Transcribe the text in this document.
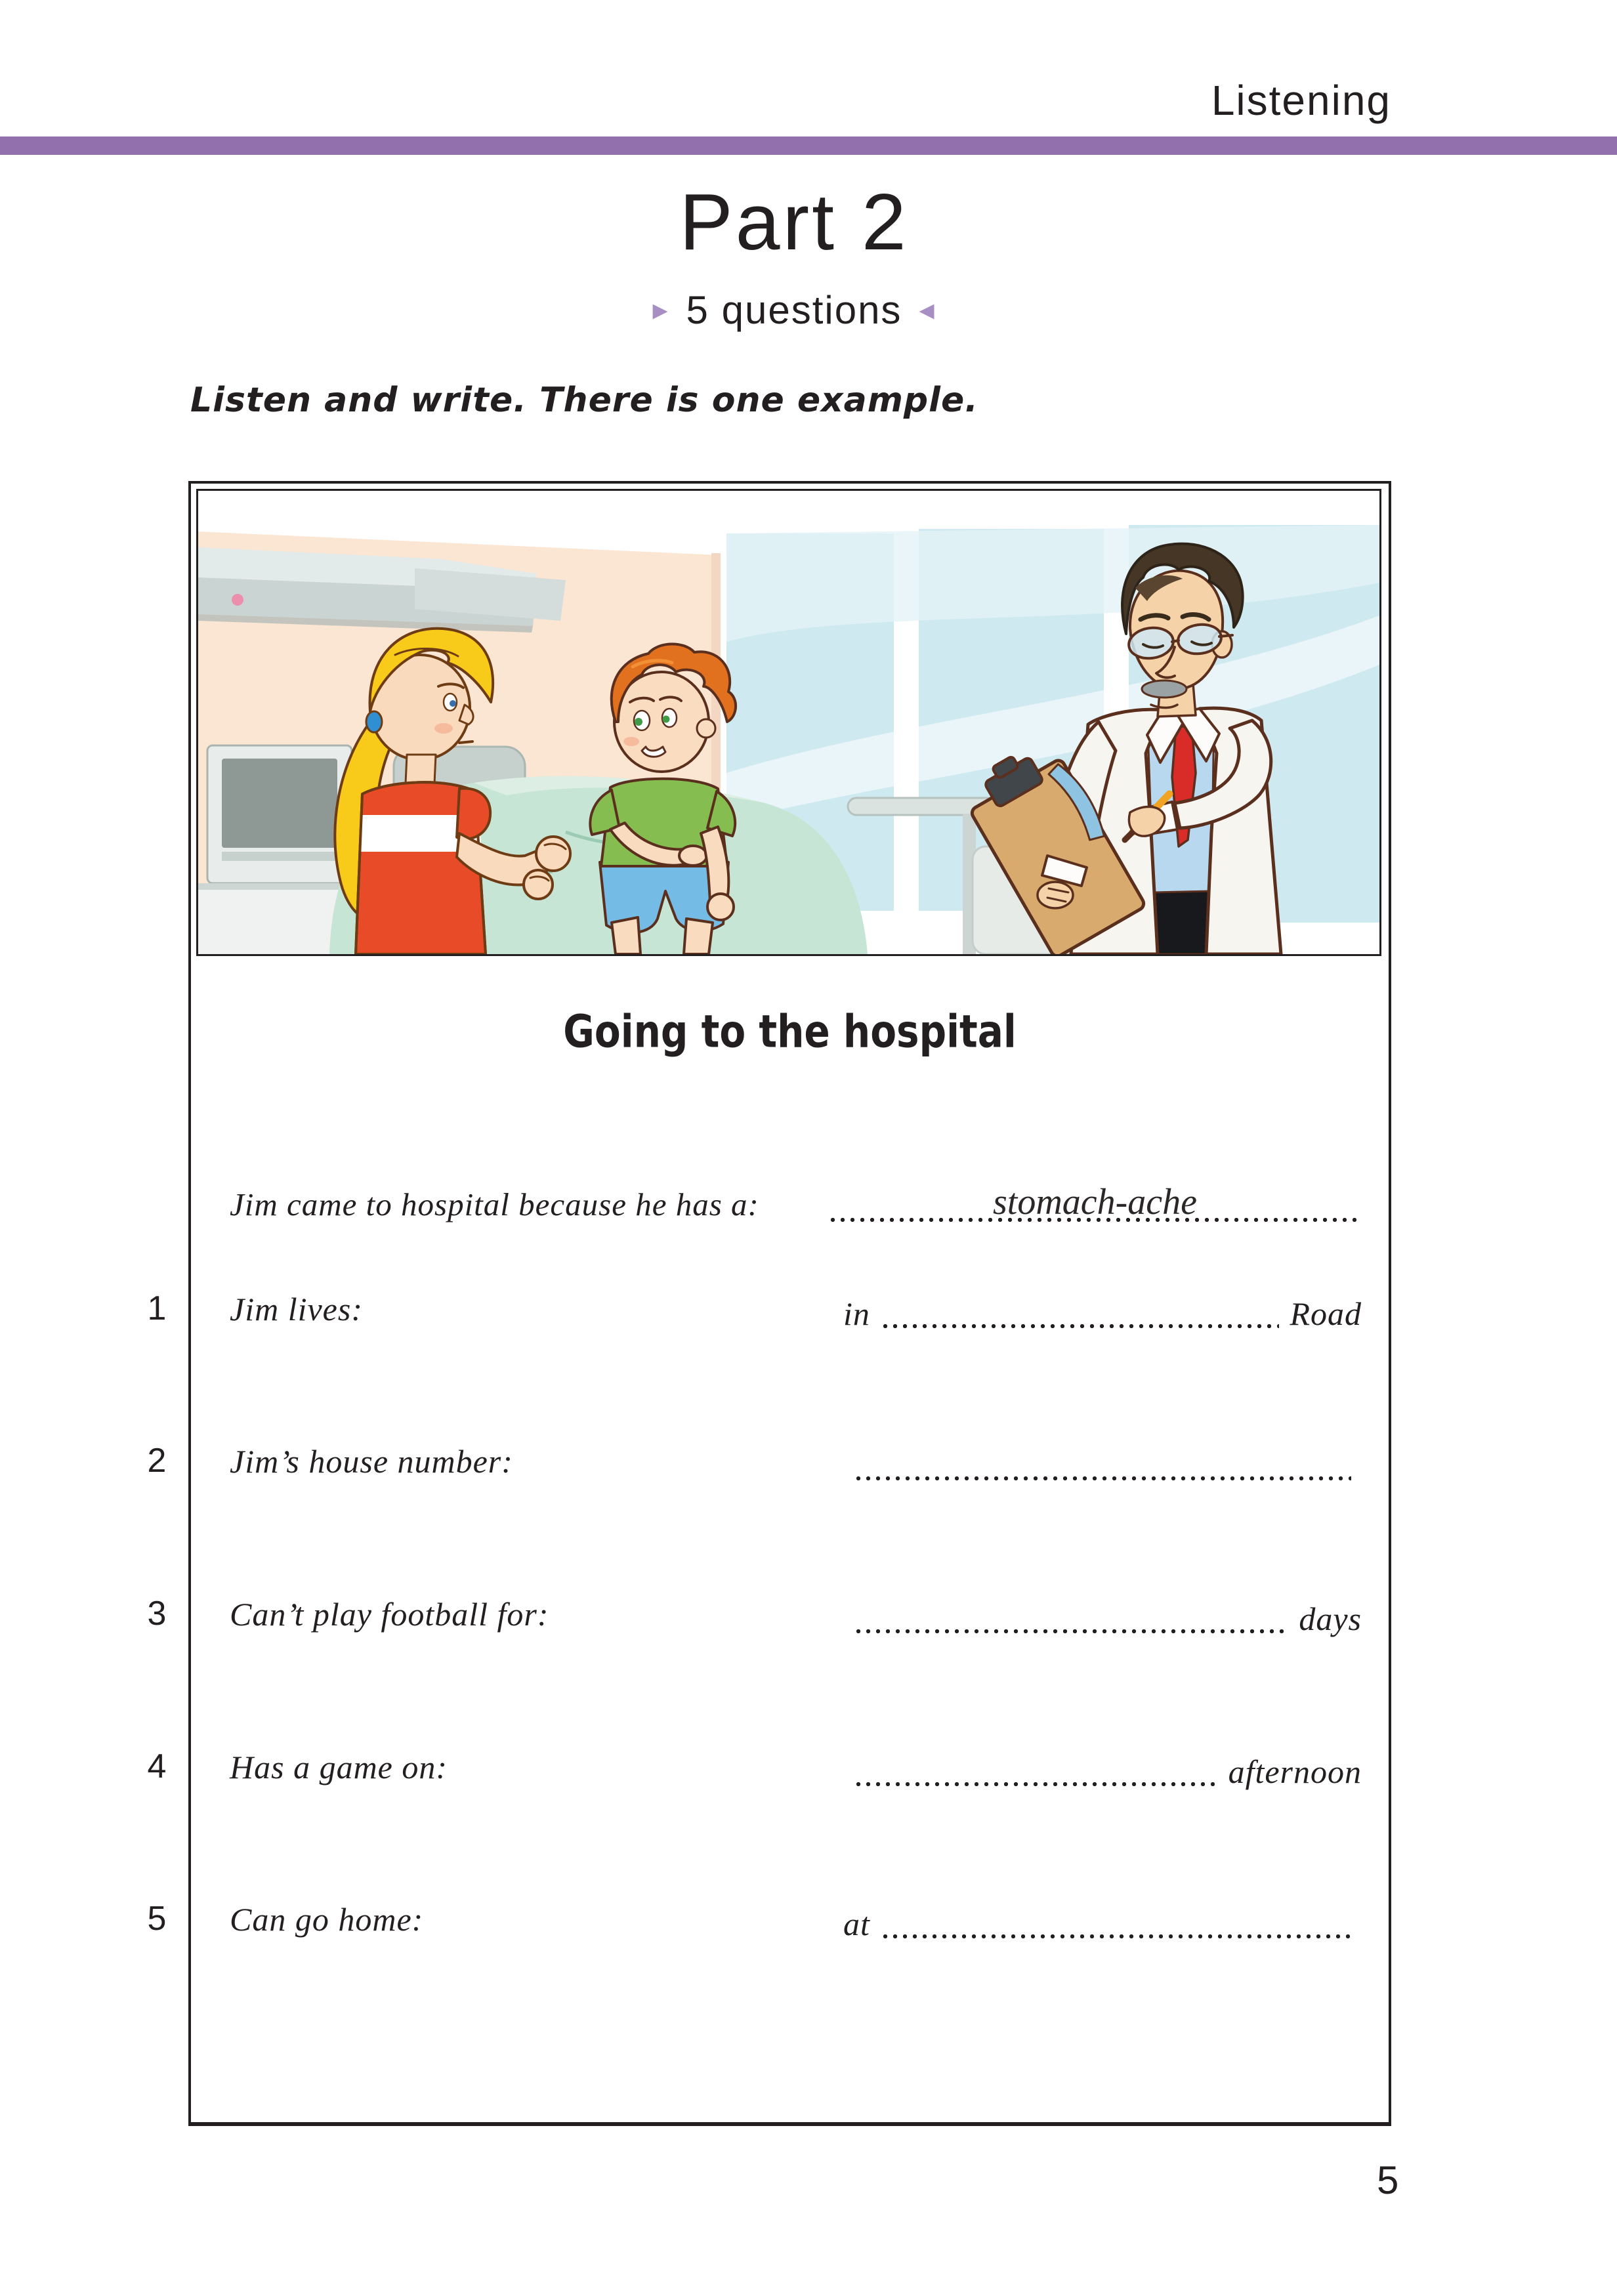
Listening
Part 2
▸ 5 questions ◂
Listen and write. There is one example.
Going to the hospital
Jim came to hospital because he has a:	stomach-ache
1	Jim lives:	in	Road
2	Jim’s house number:
3	Can’t play football for:	days
4	Has a game on:	afternoon
5	Can go home:	at
5
